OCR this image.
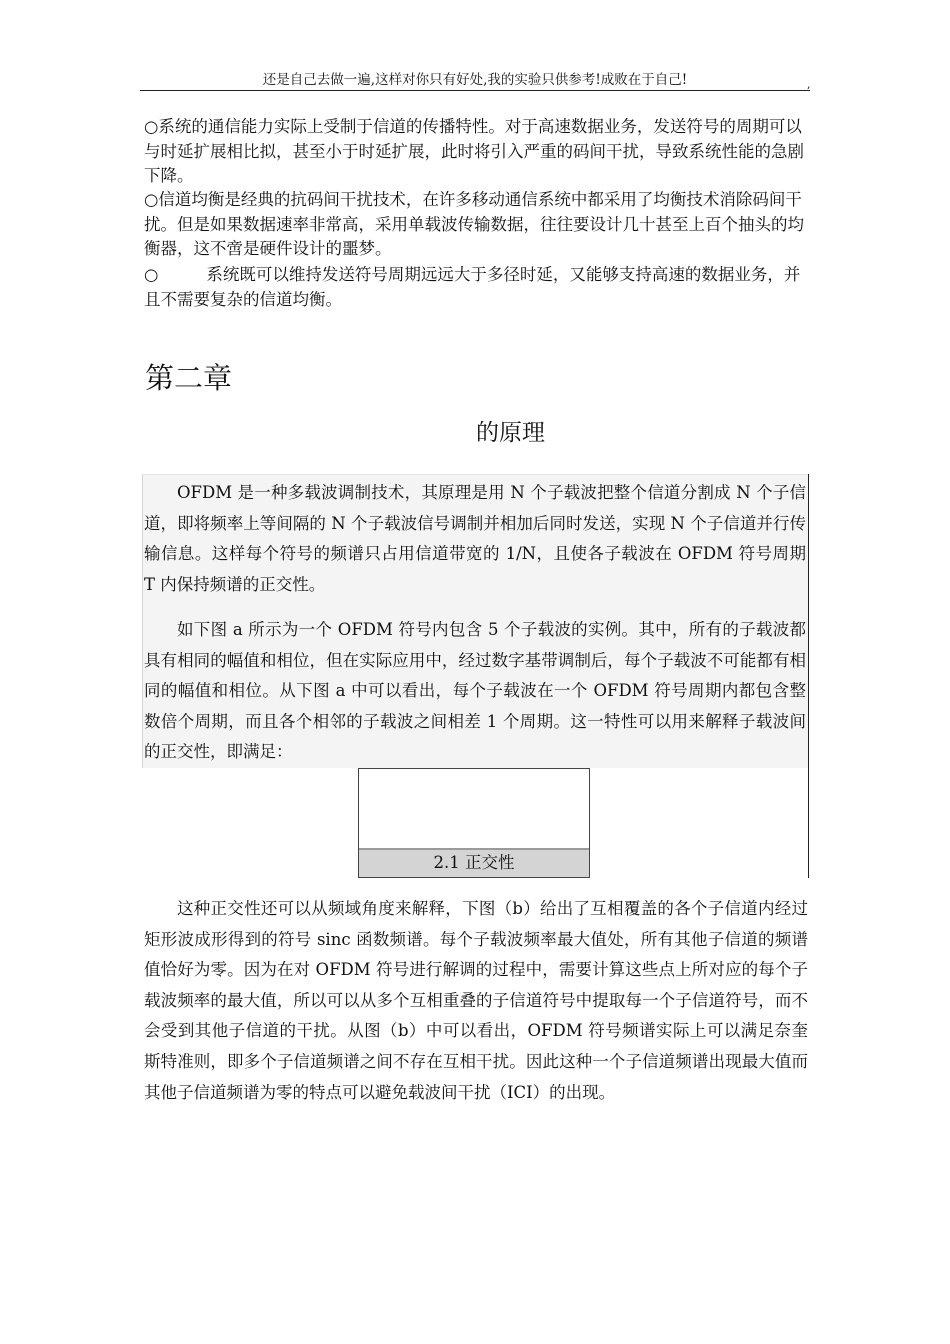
还是自己去做一遍,这样对你只有好处,我的实验只供参考!成败在于自己!	,
○系统的通信能力实际上受制于信道的传播特性。对于高速数据业务，发送符号的周期可以与时延扩展相比拟，甚至小于时延扩展，此时将引入严重的码间干扰，导致系统性能的急剧下降。
○信道均衡是经典的抗码间干扰技术，在许多移动通信系统中都采用了均衡技术消除码间干扰。但是如果数据速率非常高，采用单载波传输数据，往往要设计几十甚至上百个抽头的均衡器，这不啻是硬件设计的噩梦。
○	系统既可以维持发送符号周期远远大于多径时延，又能够支持高速的数据业务，并且不需要复杂的信道均衡。
第二章
的原理
OFDM 是一种多载波调制技术，其原理是用 N 个子载波把整个信道分割成 N 个子信道，即将频率上等间隔的 N 个子载波信号调制并相加后同时发送，实现 N 个子信道并行传输信息。这样每个符号的频谱只占用信道带宽的 1/N，且使各子载波在 OFDM 符号周期 T 内保持频谱的正交性。
如下图 a 所示为一个 OFDM 符号内包含 5 个子载波的实例。其中，所有的子载波都具有相同的幅值和相位，但在实际应用中，经过数字基带调制后，每个子载波不可能都有相同的幅值和相位。从下图 a 中可以看出，每个子载波在一个 OFDM 符号周期内都包含整数倍个周期，而且各个相邻的子载波之间相差 1 个周期。这一特性可以用来解释子载波间的正交性，即满足：
2.1 正交性
这种正交性还可以从频域角度来解释，下图（b）给出了互相覆盖的各个子信道内经过矩形波成形得到的符号 sinc 函数频谱。每个子载波频率最大值处，所有其他子信道的频谱值恰好为零。因为在对 OFDM 符号进行解调的过程中，需要计算这些点上所对应的每个子载波频率的最大值，所以可以从多个互相重叠的子信道符号中提取每一个子信道符号，而不会受到其他子信道的干扰。从图（b）中可以看出，OFDM 符号频谱实际上可以满足奈奎斯特准则，即多个子信道频谱之间不存在互相干扰。因此这种一个子信道频谱出现最大值而其他子信道频谱为零的特点可以避免载波间干扰（ICI）的出现。
